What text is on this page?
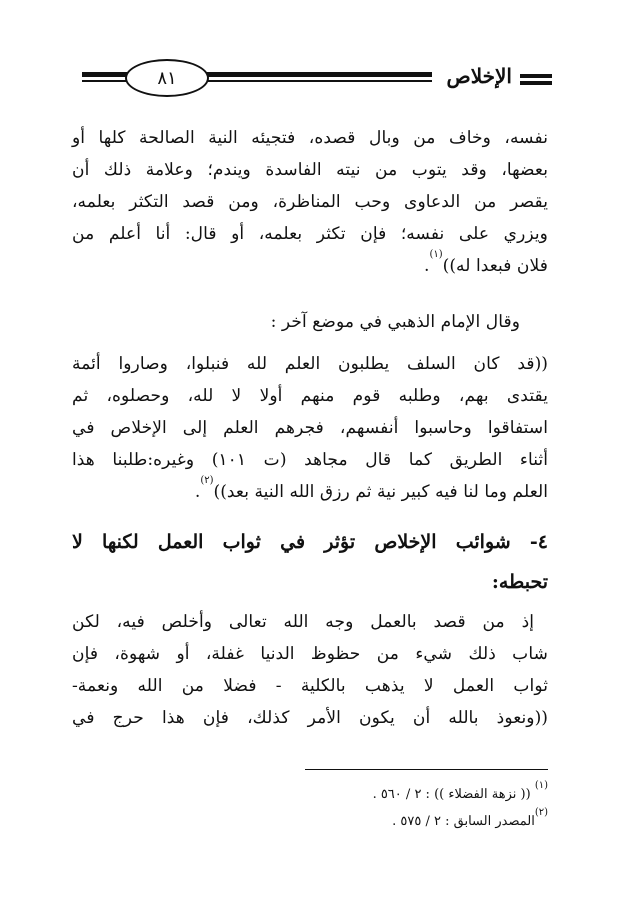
٨١	الإخلاص
نفسه، وخاف من وبال قصده، فتجيئه النية الصالحة كلها أو
بعضها، وقد يتوب من نيته الفاسدة ويندم؛ وعلامة ذلك أن
يقصر من الدعاوى وحب المناظرة، ومن قصد التكثر بعلمه،
ويزري على نفسه؛ فإن تكثر بعلمه، أو قال: أنا أعلم من
فلان فبعدا له))$^{(١)}$.
وقال الإمام الذهبي في موضع آخر :
((قد كان السلف يطلبون العلم لله فنبلوا، وصاروا أئمة
يقتدى بهم، وطلبه قوم منهم أولا لا لله، وحصلوه، ثم
استفاقوا وحاسبوا أنفسهم، فجرهم العلم إلى الإخلاص في
أثناء الطريق كما قال مجاهد (ت ١٠١) وغيره:طلبنا هذا
العلم وما لنا فيه كبير نية ثم رزق الله النية بعد))$^{(٢)}$.
٤- شوائب الإخلاص تؤثر في ثواب العمل لكنها لا
تحبطه:
إذ من قصد بالعمل وجه الله تعالى وأخلص فيه، لكن
شاب ذلك شيء من حظوظ الدنيا غفلة، أو شهوة، فإن
ثواب العمل لا يذهب بالكلية - فضلا من الله ونعمة-
((ونعوذ بالله أن يكون الأمر كذلك، فإن هذا حرج في
$^{(١)}$ (( نزهة الفضلاء )) : ٢ / ٥٦٠ .
$^{(٢)}$المصدر السابق : ٢ / ٥٧٥ .
